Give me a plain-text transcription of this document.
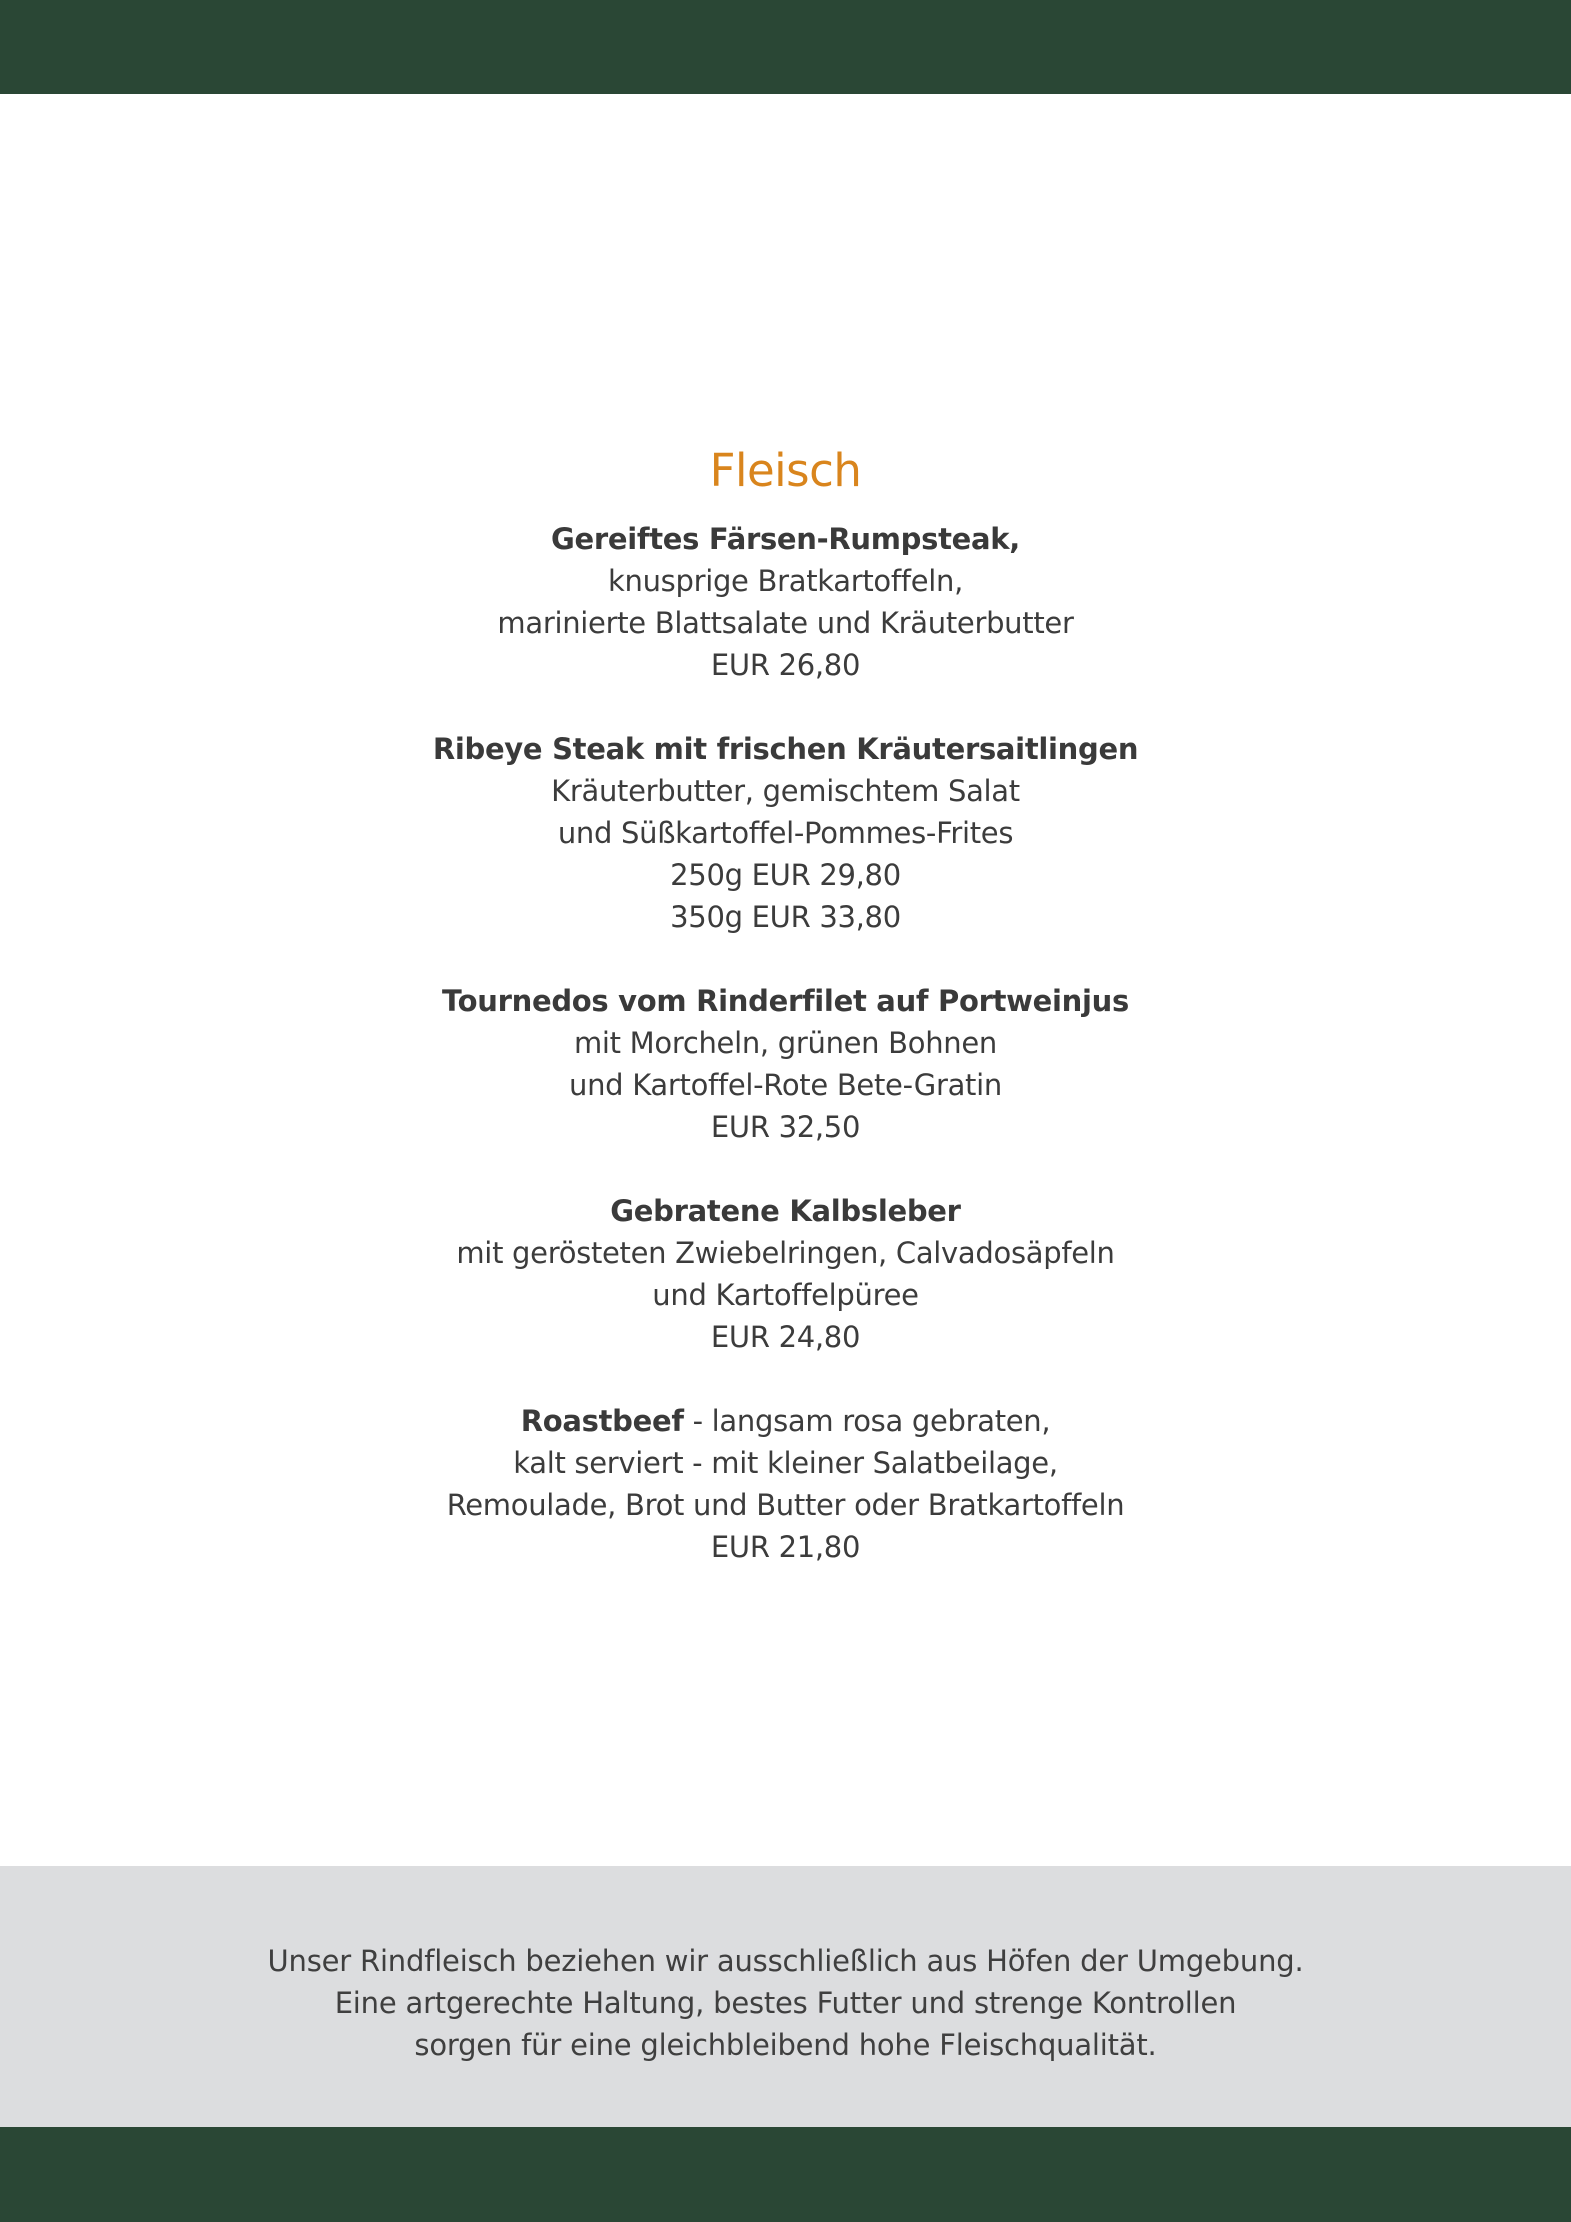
Fleisch
Gereiftes Färsen-Rumpsteak,
knusprige Bratkartoffeln,
marinierte Blattsalate und Kräuterbutter
EUR 26,80
Ribeye Steak mit frischen Kräutersaitlingen
Kräuterbutter, gemischtem Salat
und Süßkartoffel-Pommes-Frites
250g EUR 29,80
350g EUR 33,80
Tournedos vom Rinderfilet auf Portweinjus
mit Morcheln, grünen Bohnen
und Kartoffel-Rote Bete-Gratin
EUR 32,50
Gebratene Kalbsleber
mit gerösteten Zwiebelringen, Calvadosäpfeln
und Kartoffelpüree
EUR 24,80
Roastbeef - langsam rosa gebraten,
kalt serviert - mit kleiner Salatbeilage,
Remoulade, Brot und Butter oder Bratkartoffeln
EUR 21,80
Unser Rindfleisch beziehen wir ausschließlich aus Höfen der Umgebung.
Eine artgerechte Haltung, bestes Futter und strenge Kontrollen
sorgen für eine gleichbleibend hohe Fleischqualität.
